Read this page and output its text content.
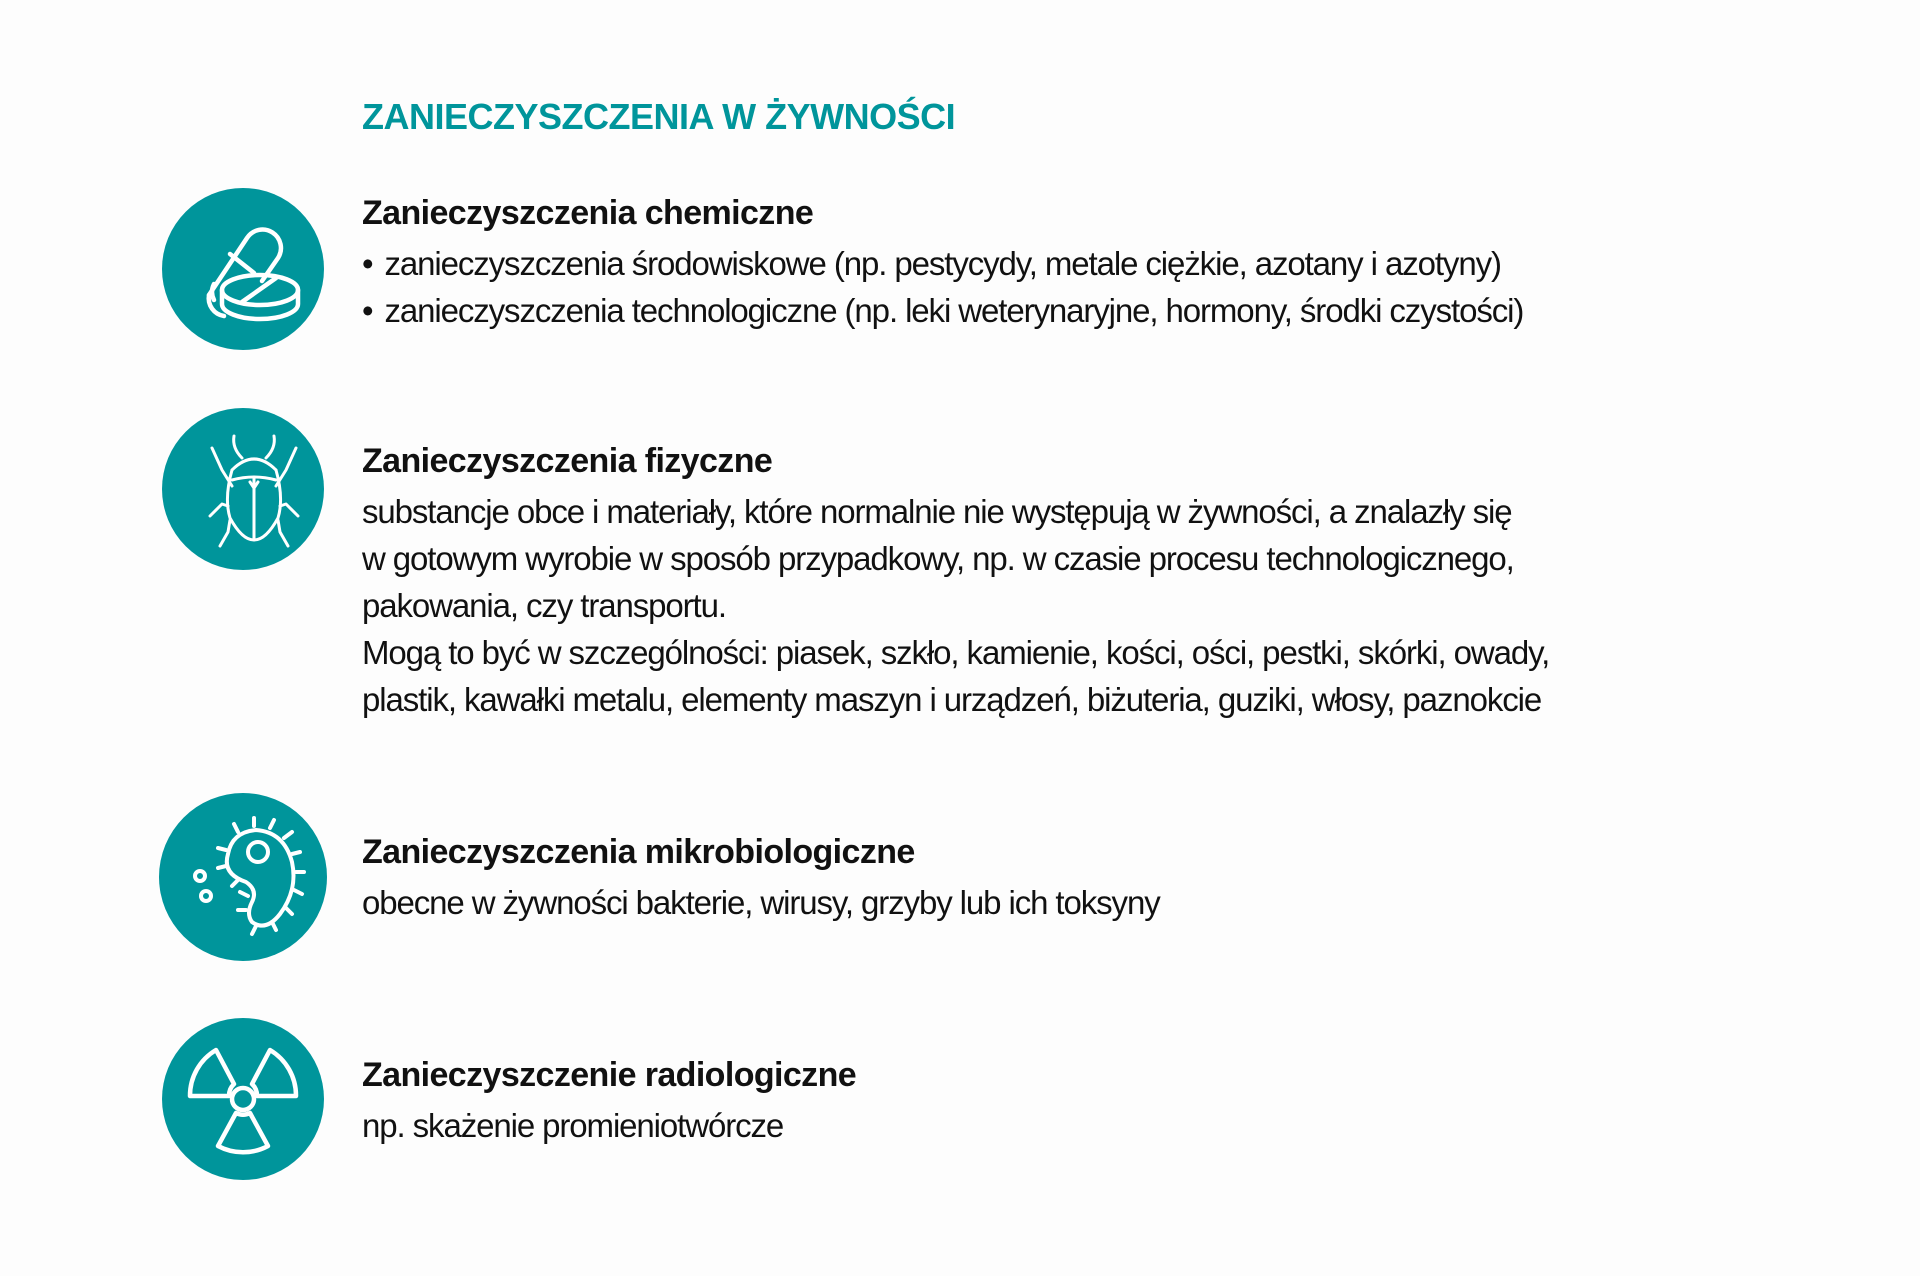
ZANIECZYSZCZENIA W ŻYWNOŚCI

Zanieczyszczenia chemiczne

• zanieczyszczenia środowiskowe (np. pestycydy, metale ciężkie, azotany i azotyny)

• zanieczyszczenia technologiczne (np. leki weterynaryjne, hormony, środki czystości)

Zanieczyszczenia fizyczne

substancje obce i materiały, które normalnie nie występują w żywności, a znalazły się

w gotowym wyrobie w sposób przypadkowy, np. w czasie procesu technologicznego,

pakowania, czy transportu.

Mogą to być w szczególności: piasek, szkło, kamienie, kości, ości, pestki, skórki, owady,

plastik, kawałki metalu, elementy maszyn i urządzeń, biżuteria, guziki, włosy, paznokcie

Zanieczyszczenia mikrobiologiczne

obecne w żywności bakterie, wirusy, grzyby lub ich toksyny

Zanieczyszczenie radiologiczne

np. skażenie promieniotwórcze
